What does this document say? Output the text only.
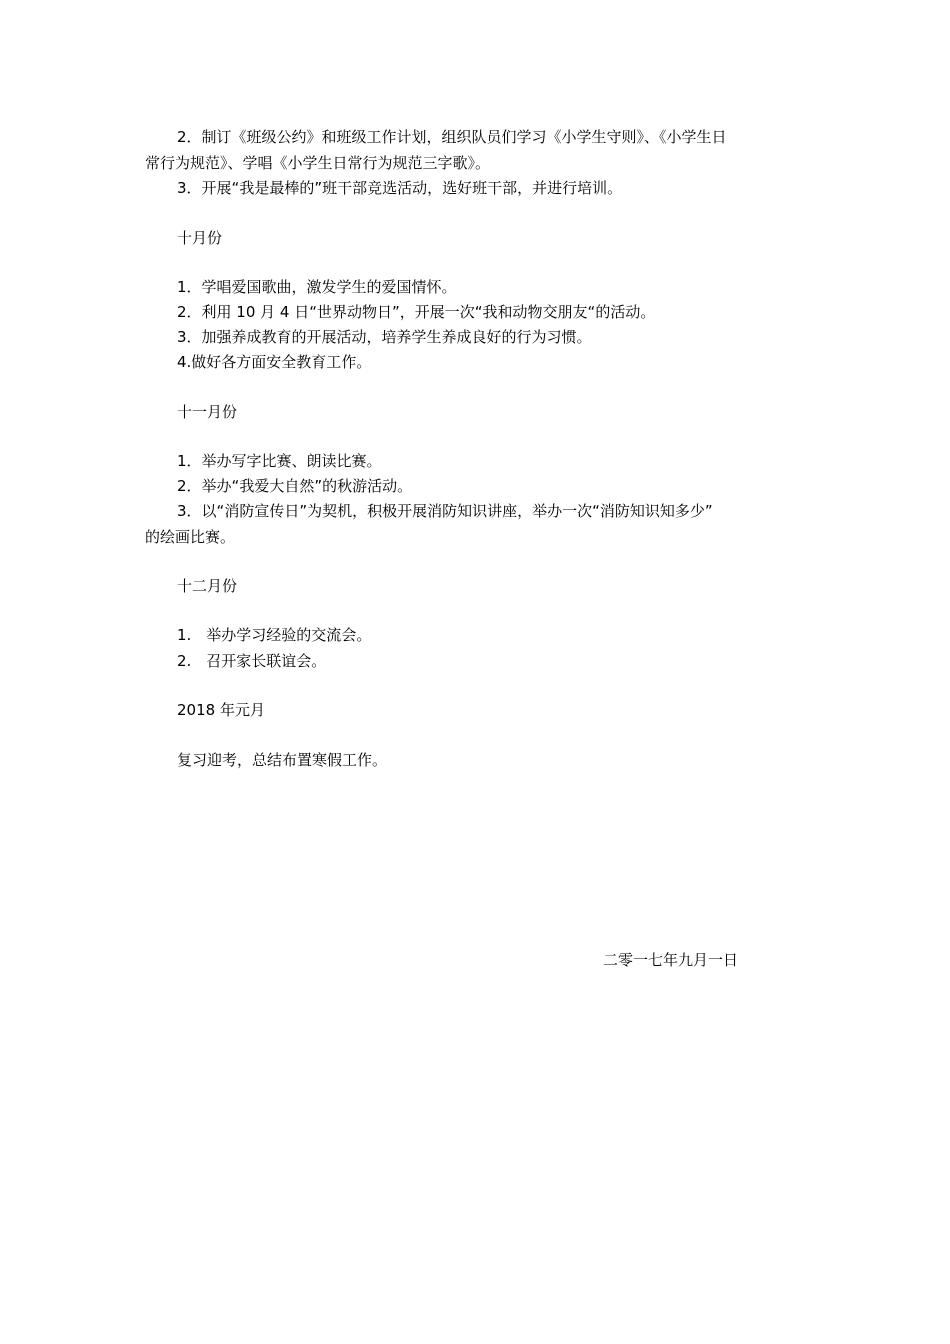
2．制订《班级公约》和班级工作计划，组织队员们学习《小学生守则》、《小学生日
常行为规范》、学唱《小学生日常行为规范三字歌》。
3．开展“我是最棒的”班干部竞选活动，选好班干部，并进行培训。
十月份
1．学唱爱国歌曲，激发学生的爱国情怀。
2．利用 10 月 4 日“世界动物日”，开展一次“我和动物交朋友“的活动。
3．加强养成教育的开展活动，培养学生养成良好的行为习惯。
4.做好各方面安全教育工作。
十一月份
1．举办写字比赛、朗读比赛。
2．举办“我爱大自然”的秋游活动。
3．以“消防宣传日”为契机，积极开展消防知识讲座，举办一次“消防知识知多少”
的绘画比赛。
十二月份
1.　举办学习经验的交流会。
2.　召开家长联谊会。
2018 年元月
复习迎考，总结布置寒假工作。
二零一七年九月一日
